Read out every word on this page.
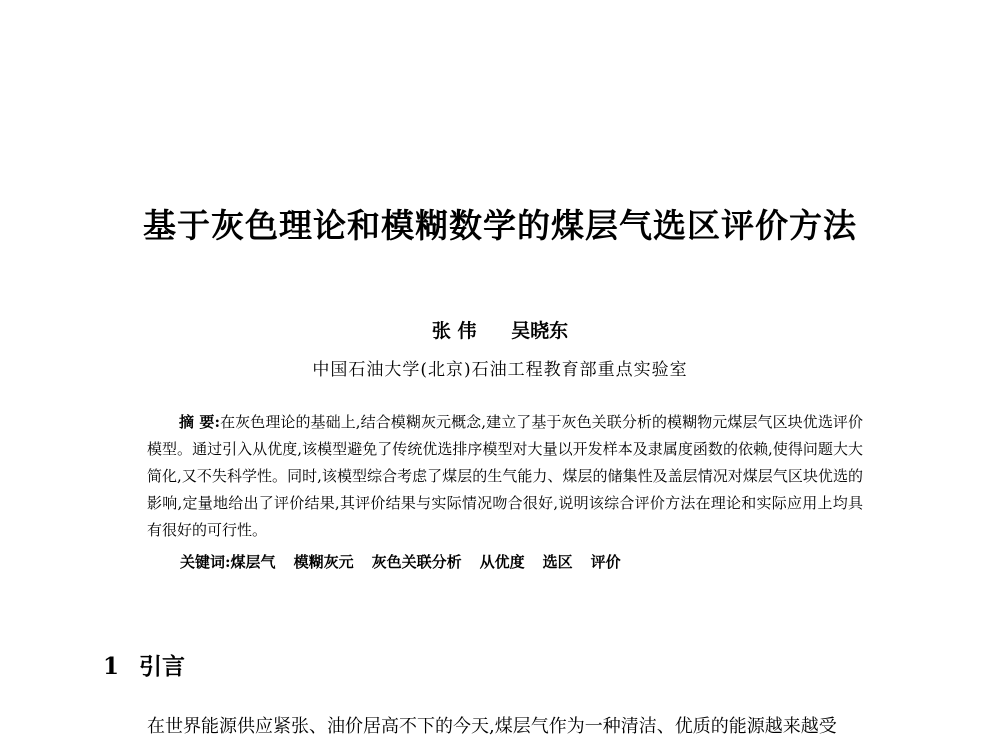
基于灰色理论和模糊数学的煤层气选区评价方法
张 伟 吴晓东
中国石油大学(北京)石油工程教育部重点实验室
摘 要:在灰色理论的基础上,结合模糊灰元概念,建立了基于灰色关联分析的模糊物元煤层气区块优选评价模型。通过引入从优度,该模型避免了传统优选排序模型对大量以开发样本及隶属度函数的依赖,使得问题大大简化,又不失科学性。同时,该模型综合考虑了煤层的生气能力、煤层的储集性及盖层情况对煤层气区块优选的影响,定量地给出了评价结果,其评价结果与实际情况吻合很好,说明该综合评价方法在理论和实际应用上均具有很好的可行性。
关键词:煤层气 模糊灰元 灰色关联分析 从优度 选区 评价
1 引言
在世界能源供应紧张、油价居高不下的今天,煤层气作为一种清洁、优质的能源越来越受
